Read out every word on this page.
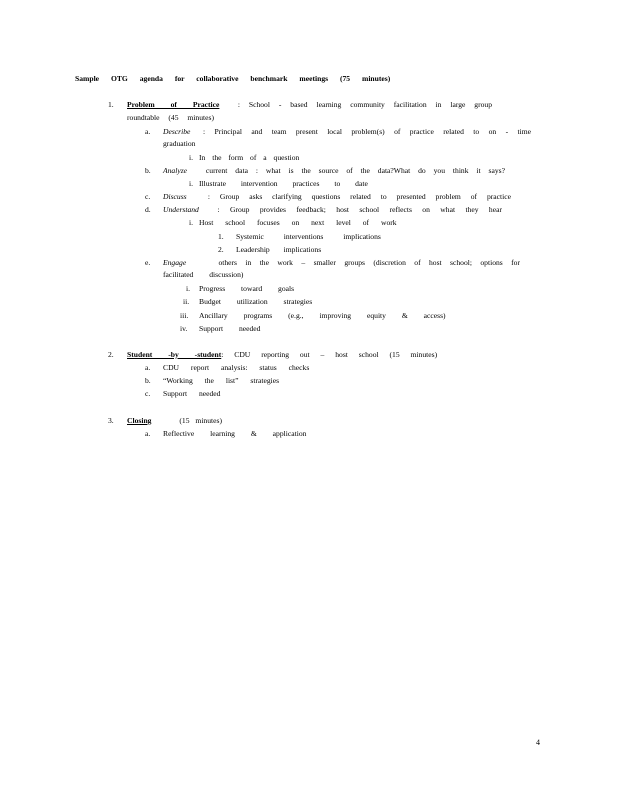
Sample OTG agenda for collaborative benchmark meetings (75 minutes)
1. Problem of Practice : School - based learning community facilitation in large group
roundtable (45 minutes)
a. Describe : Principal and team present local problem(s) of practice related to on - time
graduation
i. In the form of a question
b. Analyze current data : what is the source of the data?What do you think it says?
i. Illustrate intervention practices to date
c. Discuss	: Group asks clarifying questions related to presented problem of practice
d. Understand : Group provides feedback; host school reflects on what they hear
i. Host school focuses on next level of work
1. Systemic interventions implications
2. Leadership implications
e. Engage	others in the work – smaller groups (discretion of host school; options for
facilitated discussion)
i. Progress toward goals
ii. Budget utilization strategies
iii. Ancillary programs (e.g., improving equity & access)
iv. Support needed
2. Student -by -student : CDU reporting out – host school (15 minutes)
a. CDU report analysis: status checks
b. “Working the list” strategies
c. Support needed
3. Closing	(15 minutes)
a. Reflective learning & application
4
